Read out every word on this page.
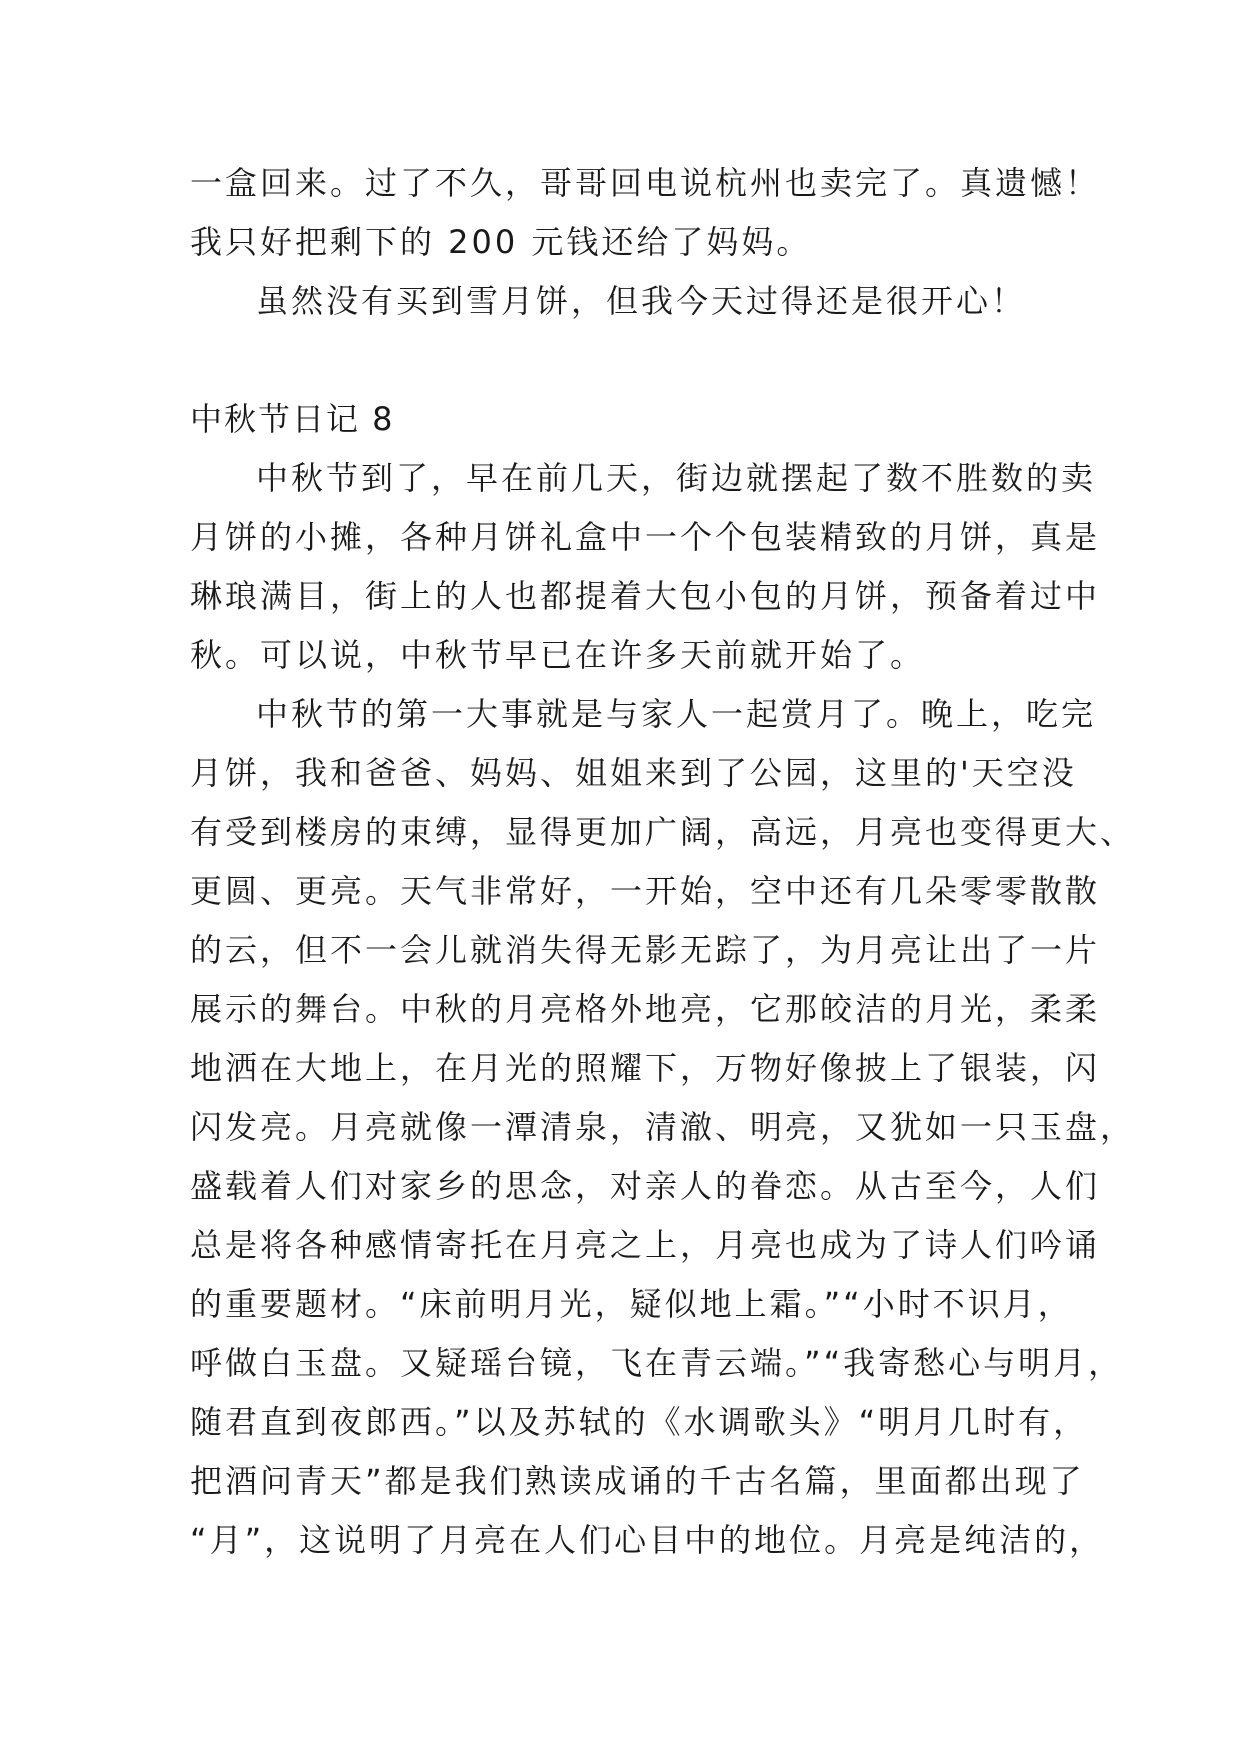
一盒回来。过了不久，哥哥回电说杭州也卖完了。真遗憾！
我只好把剩下的 200 元钱还给了妈妈。
虽然没有买到雪月饼，但我今天过得还是很开心！
中秋节日记 8
中秋节到了，早在前几天，街边就摆起了数不胜数的卖
月饼的小摊，各种月饼礼盒中一个个包装精致的月饼，真是
琳琅满目，街上的人也都提着大包小包的月饼，预备着过中
秋。可以说，中秋节早已在许多天前就开始了。
中秋节的第一大事就是与家人一起赏月了。晚上，吃完
月饼，我和爸爸、妈妈、姐姐来到了公园，这里的'天空没
有受到楼房的束缚，显得更加广阔，高远，月亮也变得更大、
更圆、更亮。天气非常好，一开始，空中还有几朵零零散散
的云，但不一会儿就消失得无影无踪了，为月亮让出了一片
展示的舞台。中秋的月亮格外地亮，它那皎洁的月光，柔柔
地洒在大地上，在月光的照耀下，万物好像披上了银装，闪
闪发亮。月亮就像一潭清泉，清澈、明亮，又犹如一只玉盘，
盛载着人们对家乡的思念，对亲人的眷恋。从古至今，人们
总是将各种感情寄托在月亮之上，月亮也成为了诗人们吟诵
的重要题材。“床前明月光，疑似地上霜。”“小时不识月，
呼做白玉盘。又疑瑶台镜，飞在青云端。”“我寄愁心与明月，
随君直到夜郎西。”以及苏轼的《水调歌头》“明月几时有，
把酒问青天”都是我们熟读成诵的千古名篇，里面都出现了
“月”，这说明了月亮在人们心目中的地位。月亮是纯洁的，
